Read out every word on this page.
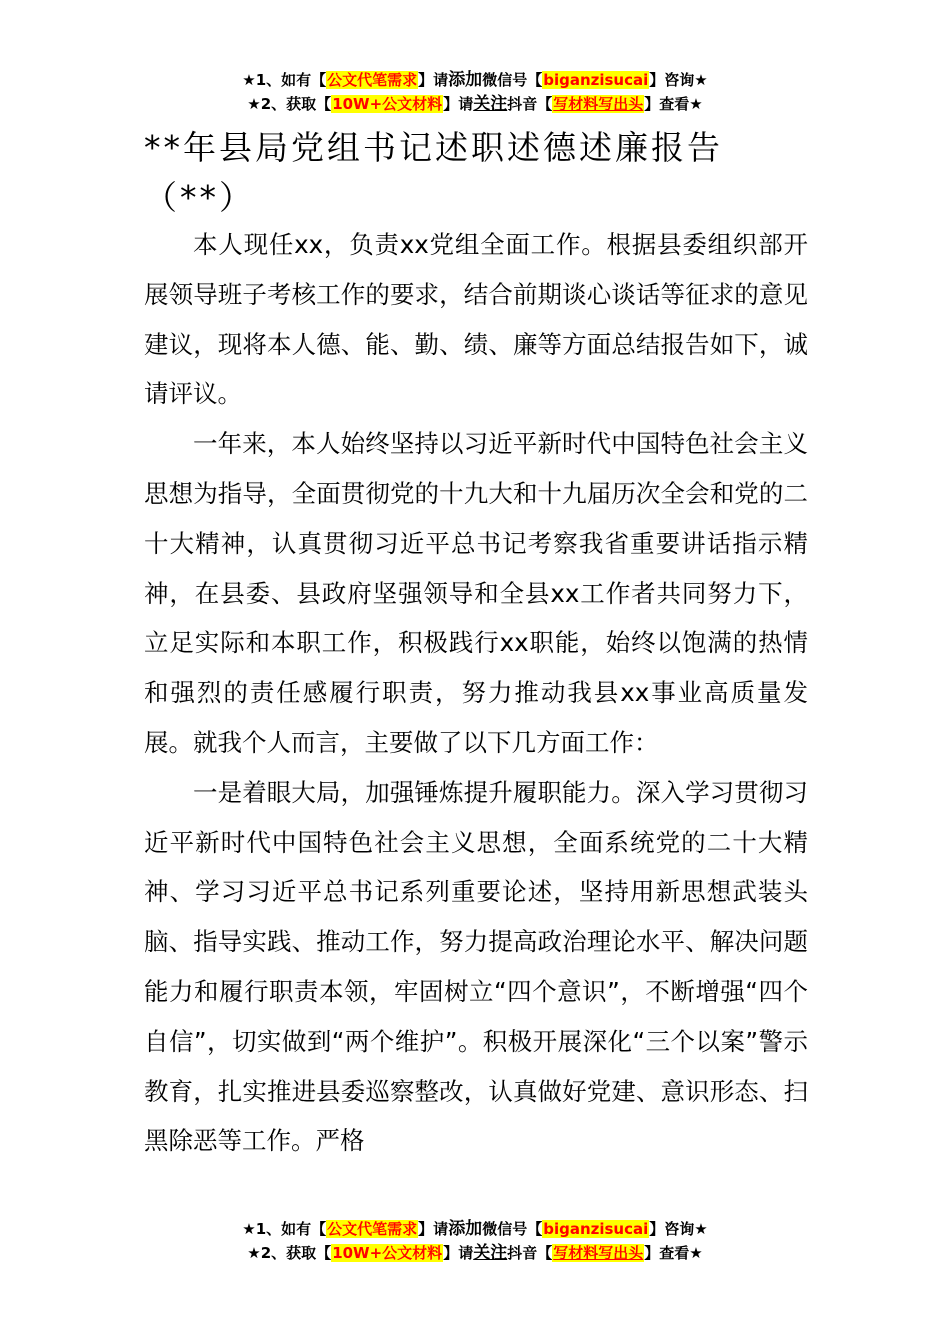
★1、如有【公文代笔需求】请添加微信号【biganzisucai】咨询★
★2、获取【10W+公文材料】请关注抖音【写材料写出头】查看★
**年县局党组书记述职述德述廉报告（**）

本人现任xx，负责xx党组全面工作。根据县委组织部开展领导班子考核工作的要求，结合前期谈心谈话等征求的意见建议，现将本人德、能、勤、绩、廉等方面总结报告如下，诚请评议。

一年来，本人始终坚持以习近平新时代中国特色社会主义思想为指导，全面贯彻党的十九大和十九届历次全会和党的二十大精神，认真贯彻习近平总书记考察我省重要讲话指示精神，在县委、县政府坚强领导和全县xx工作者共同努力下，立足实际和本职工作，积极践行xx职能，始终以饱满的热情和强烈的责任感履行职责，努力推动我县xx事业高质量发展。就我个人而言，主要做了以下几方面工作：

一是着眼大局，加强锤炼提升履职能力。深入学习贯彻习近平新时代中国特色社会主义思想，全面系统党的二十大精神、学习习近平总书记系列重要论述，坚持用新思想武装头脑、指导实践、推动工作，努力提高政治理论水平、解决问题能力和履行职责本领，牢固树立“四个意识”，不断增强“四个自信”，切实做到“两个维护”。积极开展深化“三个以案”警示教育，扎实推进县委巡察整改，认真做好党建、意识形态、扫黑除恶等工作。严格

★1、如有【公文代笔需求】请添加微信号【biganzisucai】咨询★
★2、获取【10W+公文材料】请关注抖音【写材料写出头】查看★
